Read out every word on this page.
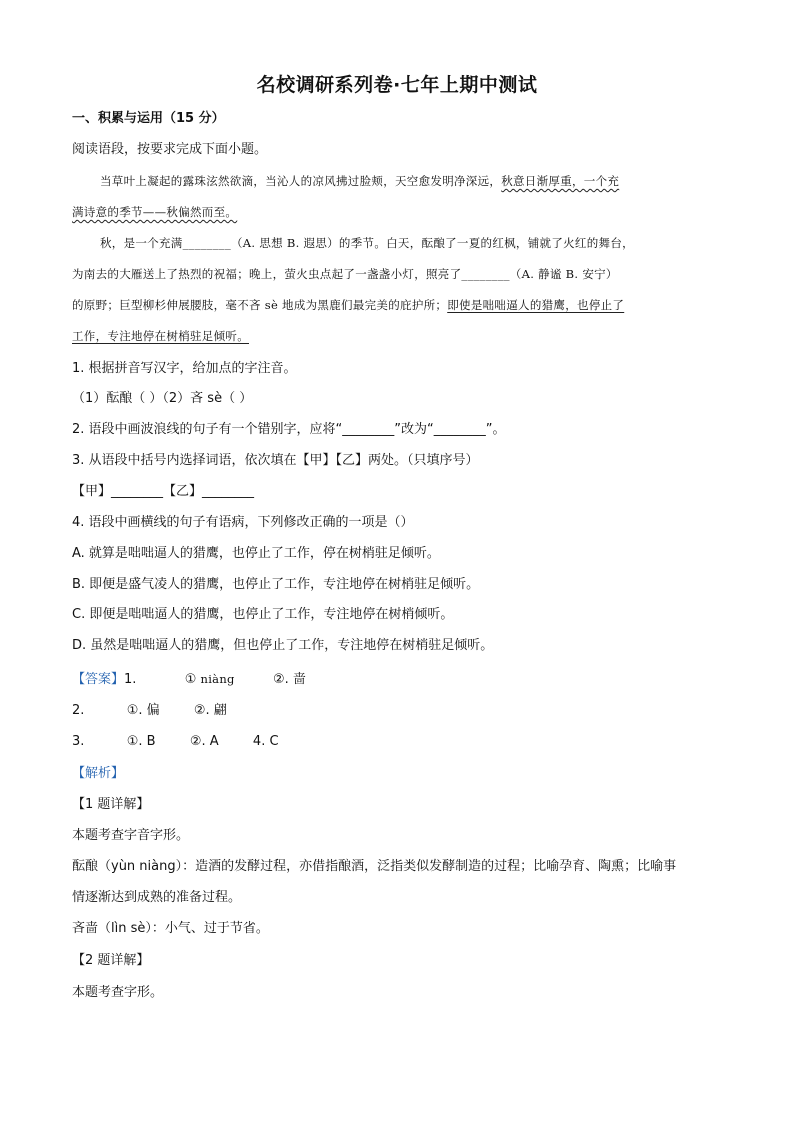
名校调研系列卷·七年上期中测试
一、积累与运用（15 分）
阅读语段，按要求完成下面小题。
当草叶上凝起的露珠泫然欲滴，当沁人的凉风拂过脸颊，天空愈发明净深远，秋意日渐厚重，一个充
满诗意的季节——秋偏然而至。
秋，是一个充满________（A. 思想 B. 遐思）的季节。白天，酝酿了一夏的红枫，铺就了火红的舞台，
为南去的大雁送上了热烈的祝福；晚上，萤火虫点起了一盏盏小灯，照亮了________（A. 静谧 B. 安宁）
的原野；巨型柳杉伸展腰肢，毫不吝 sè 地成为黑鹿们最完美的庇护所；即使是咄咄逼人的猎鹰，也停止了
工作，专注地停在树梢驻足倾听。
1. 根据拼音写汉字，给加点的字注音。
（1）酝酿（ ）（2）吝 sè（ ）
2. 语段中画波浪线的句子有一个错别字，应将“________”改为“________”。
3. 从语段中括号内选择词语，依次填在【甲】【乙】两处。（只填序号）
【甲】________【乙】________
4. 语段中画横线的句子有语病，下列修改正确的一项是（）
A. 就算是咄咄逼人的猎鹰，也停止了工作，停在树梢驻足倾听。
B. 即便是盛气凌人的猎鹰，也停止了工作，专注地停在树梢驻足倾听。
C. 即便是咄咄逼人的猎鹰，也停止了工作，专注地停在树梢倾听。
D. 虽然是咄咄逼人的猎鹰，但也停止了工作，专注地停在树梢驻足倾听。
【答案】1.	① niàng	②. 啬
2.	①. 偏	②. 翩
3.	①. B	②. A	4. C
【解析】
【1 题详解】
本题考查字音字形。
酝酿（yùn niàng）：造酒的发酵过程，亦借指酿酒，泛指类似发酵制造的过程；比喻孕育、陶熏；比喻事
情逐渐达到成熟的准备过程。
吝啬（lìn sè）：小气、过于节省。
【2 题详解】
本题考查字形。
